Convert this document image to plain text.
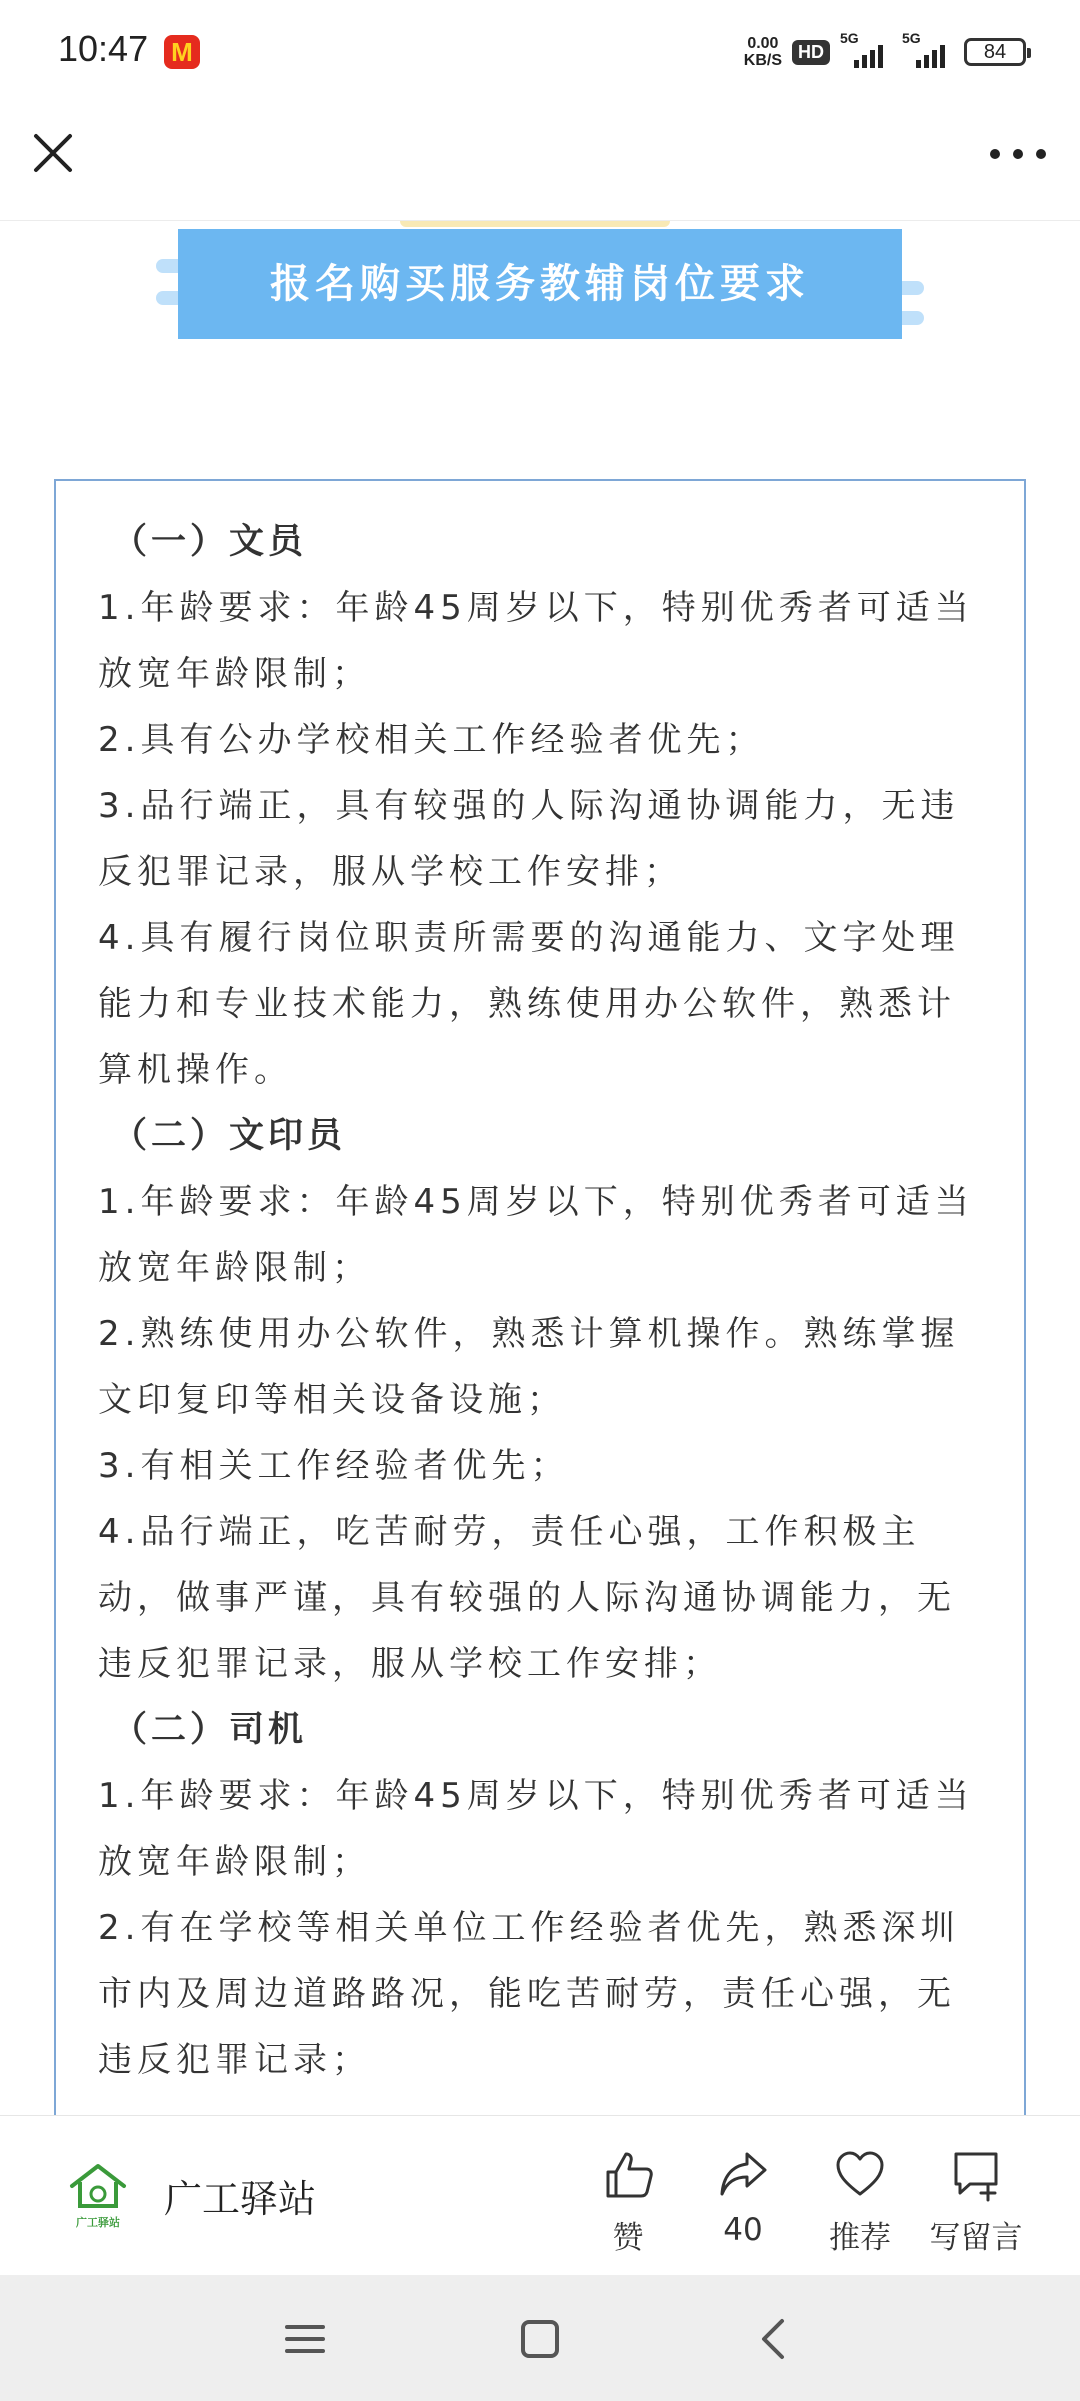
10:47 M	0.00
KB/S HD
5G	5G
84
报名购买服务教辅岗位要求
（一）文员
1.年龄要求：年龄45周岁以下，特别优秀者可适当放宽年龄限制；
2.具有公办学校相关工作经验者优先；
3.品行端正，具有较强的人际沟通协调能力，无违反犯罪记录，服从学校工作安排；
4.具有履行岗位职责所需要的沟通能力、文字处理能力和专业技术能力，熟练使用办公软件，熟悉计算机操作。
（二）文印员
1.年龄要求：年龄45周岁以下，特别优秀者可适当放宽年龄限制；
2.熟练使用办公软件，熟悉计算机操作。熟练掌握文印复印等相关设备设施；
3.有相关工作经验者优先；
4.品行端正，吃苦耐劳，责任心强，工作积极主动，做事严谨，具有较强的人际沟通协调能力，无违反犯罪记录，服从学校工作安排；
（二）司机
1.年龄要求：年龄45周岁以下，特别优秀者可适当放宽年龄限制；
2.有在学校等相关单位工作经验者优先，熟悉深圳市内及周边道路路况，能吃苦耐劳，责任心强，无违反犯罪记录；
广工驿站
广工驿站
赞	40	推荐	写留言
